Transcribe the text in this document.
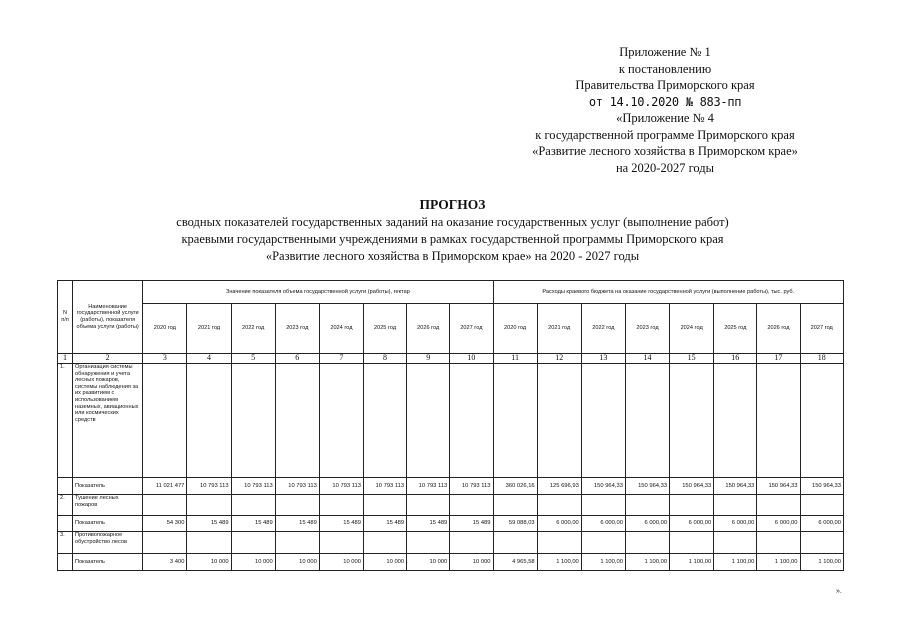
Приложение № 1
к постановлению
Правительства Приморского края
от 14.10.2020 № 883-пп
«Приложение № 4
к государственной программе Приморского края
«Развитие лесного хозяйства в Приморском крае»
на 2020-2027 годы
ПРОГНОЗ
сводных показателей государственных заданий на оказание государственных услуг (выполнение работ)
краевыми государственными учреждениями в рамках государственной программы Приморского края
«Развитие лесного хозяйства в Приморском крае» на 2020 - 2027 годы
N п/п	Наименование государственной услуги (работы), показателя объема услуги (работы)	Значение показателя объема государственной услуги (работы), гектар								Расходы краевого бюджета на оказание государственной услуги (выполнение работы), тыс. руб.							
		2020 год	2021 год	2022 год	2023 год	2024 год	2025 год	2026 год	2027 год	2020 год	2021 год	2022 год	2023 год	2024 год	2025 год	2026 год	2027 год
1	2	3	4	5	6	7	8	9	10	11	12	13	14	15	16	17	18
1.	Организация системы обнаружения и учета лесных пожаров, системы наблюдения за их развитием с использованием наземных, авиационных или космических средств																
	Показатель	11 021 477	10 793 113	10 793 113	10 793 113	10 793 113	10 793 113	10 793 113	10 793 113	360 026,16	125 696,93	150 964,33	150 964,33	150 964,33	150 964,33	150 964,33	150 964,33
2.	Тушение лесных пожаров																
	Показатель	54 300	15 489	15 489	15 489	15 489	15 489	15 489	15 489	59 088,03	6 000,00	6 000,00	6 000,00	6 000,00	6 000,00	6 000,00	6 000,00
3.	Противопожарное обустройство лесов																
	Показатель	3 400	10 000	10 000	10 000	10 000	10 000	10 000	10 000	4 965,58	1 100,00	1 100,00	1 100,00	1 100,00	1 100,00	1 100,00	1 100,00
».
